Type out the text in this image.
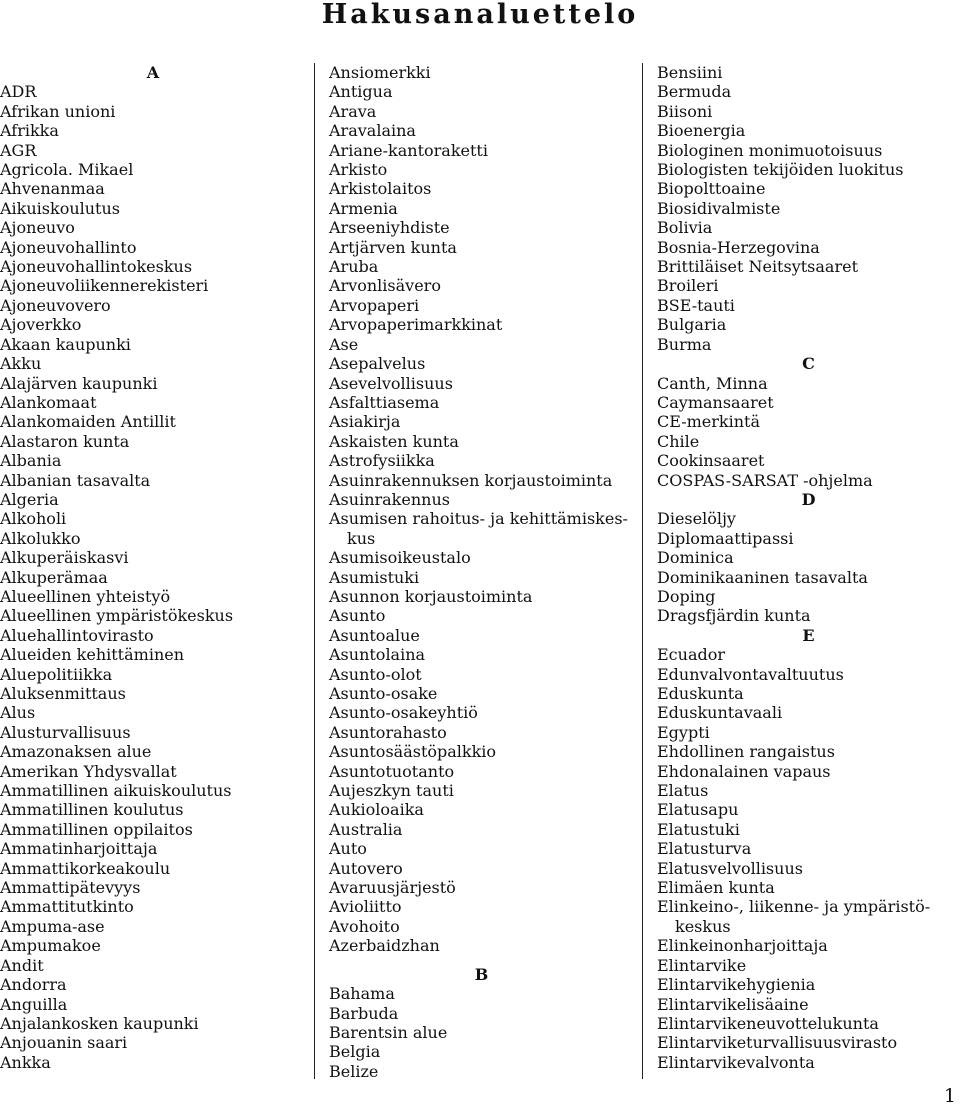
Hakusanaluettelo
A
ADR
Afrikan unioni
Afrikka
AGR
Agricola. Mikael
Ahvenanmaa
Aikuiskoulutus
Ajoneuvo
Ajoneuvohallinto
Ajoneuvohallintokeskus
Ajoneuvoliikennerekisteri
Ajoneuvovero
Ajoverkko
Akaan kaupunki
Akku
Alajärven kaupunki
Alankomaat
Alankomaiden Antillit
Alastaron kunta
Albania
Albanian tasavalta
Algeria
Alkoholi
Alkolukko
Alkuperäiskasvi
Alkuperämaa
Alueellinen yhteistyö
Alueellinen ympäristökeskus
Aluehallintovirasto
Alueiden kehittäminen
Aluepolitiikka
Aluksenmittaus
Alus
Alusturvallisuus
Amazonaksen alue
Amerikan Yhdysvallat
Ammatillinen aikuiskoulutus
Ammatillinen koulutus
Ammatillinen oppilaitos
Ammatinharjoittaja
Ammattikorkeakoulu
Ammattipätevyys
Ammattitutkinto
Ampuma-ase
Ampumakoe
Andit
Andorra
Anguilla
Anjalankosken kaupunki
Anjouanin saari
Ankka
Ansiomerkki
Antigua
Arava
Aravalaina
Ariane-kantoraketti
Arkisto
Arkistolaitos
Armenia
Arseeniyhdiste
Artjärven kunta
Aruba
Arvonlisävero
Arvopaperi
Arvopaperimarkkinat
Ase
Asepalvelus
Asevelvollisuus
Asfalttiasema
Asiakirja
Askaisten kunta
Astrofysiikka
Asuinrakennuksen korjaustoiminta
Asuinrakennus
Asumisen rahoitus- ja kehittämiskes-
kus
Asumisoikeustalo
Asumistuki
Asunnon korjaustoiminta
Asunto
Asuntoalue
Asuntolaina
Asunto-olot
Asunto-osake
Asunto-osakeyhtiö
Asuntorahasto
Asuntosäästöpalkkio
Asuntotuotanto
Aujeszkyn tauti
Aukioloaika
Australia
Auto
Autovero
Avaruusjärjestö
Avioliitto
Avohoito
Azerbaidzhan
B
Bahama
Barbuda
Barentsin alue
Belgia
Belize
Bensiini
Bermuda
Biisoni
Bioenergia
Biologinen monimuotoisuus
Biologisten tekijöiden luokitus
Biopolttoaine
Biosidivalmiste
Bolivia
Bosnia-Herzegovina
Brittiläiset Neitsytsaaret
Broileri
BSE-tauti
Bulgaria
Burma
C
Canth, Minna
Caymansaaret
CE-merkintä
Chile
Cookinsaaret
COSPAS-SARSAT -ohjelma
D
Dieselöljy
Diplomaattipassi
Dominica
Dominikaaninen tasavalta
Doping
Dragsfjärdin kunta
E
Ecuador
Edunvalvontavaltuutus
Eduskunta
Eduskuntavaali
Egypti
Ehdollinen rangaistus
Ehdonalainen vapaus
Elatus
Elatusapu
Elatustuki
Elatusturva
Elatusvelvollisuus
Elimäen kunta
Elinkeino-, liikenne- ja ympäristö-
keskus
Elinkeinonharjoittaja
Elintarvike
Elintarvikehygienia
Elintarvikelisäaine
Elintarvikeneuvottelukunta
Elintarviketurvallisuusvirasto
Elintarvikevalvonta
1
